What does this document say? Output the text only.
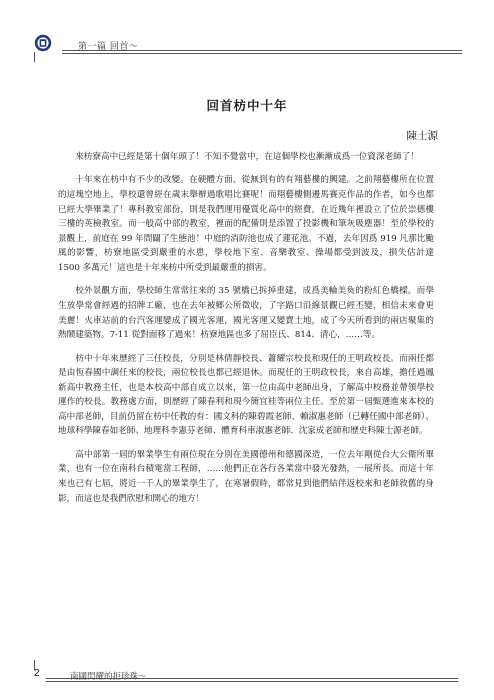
第一篇 回首～
回首枋中十年
陳士源

來枋寮高中已經是第十個年頭了！不知不覺當中，在這個學校也漸漸成爲一位資深老師了！

十年來在枋中有不少的改變。在硬體方面，從無到有的有翔藝樓的興建。之前翔藝樓所在位置的這塊空地上，學校還曾經在歲末舉辦過歌唱比賽呢！而翔藝樓側邊馬賽克作品的作者，如今也都已經大學畢業了！專科教室部份，則是我們運用優質化高中的經費，在近幾年裡設立了位於崇德樓三樓的英檢教室。而一般高中部的教室，裡面的配備則是添置了投影機和筆灰吸塵器！至於學校的景觀上，前庭在 99 年間闢了生態池！中庭的消防池也成了蓮花池。不過，去年因爲 919 凡那比颱風的影響，枋寮地區受到嚴重的水患，學校地下室、音樂教室、操場都受到波及，損失估計達 1500 多萬元！這也是十年來枋中所受到最嚴重的損害。

校外景觀方面，學校師生常常往來的 35 號橋已拆掉重建，成爲美輪美奐的粉紅色橋樑。而學生放學常會經過的招牌工廠，也在去年被鄉公所徵收，了字路口沿線景觀已經丕變，相信未來會更美麗！火車站前的台汽客運變成了國光客運，國光客運又變賣土地，成了今天所看到的兩店聚集的熱鬧建築物。7-11 從對面移了過來！枋寮地區也多了屈臣氏、814、清心，……等。

枋中十年來歷經了三任校長，分別是林倩靜校長、蕭耀宗校長和現任的王明政校長。而兩任都是由恆春國中調任來的校長，兩位校長也都已經退休。而現任的王明政校長，來自高雄，擔任過鳳新高中教務主任，也是本校高中部自成立以來，第一位由高中老師出身，了解高中校務並帶領學校運作的校長。教務處方面，則歷經了陳春利和現今簡宜桂等兩位主任。至於第一屆甄選進來本校的高中部老師，目前仍留在枋中任教的有：國文科的陳碧霞老師、賴淑惠老師（已轉任國中部老師）、地球科學陳春如老師、地理科李憲芬老師、體育科車淑惠老師、沈家成老師和歷史科陳士源老師。

高中部第一屆的畢業學生有兩位現在分別在美國德州和德國深造，一位去年剛從台大公衛所畢業，也有一位在南科台積電當工程師，……他們正在各行各業當中發光發熱，一展所長。而這十年來也已有七屆，將近一千人的畢業學生了，在寒暑假時，都常見到他們結伴返校來和老師敘舊的身影，而這也是我們欣慰和開心的地方！

2	南國閃耀的拒珍珠～
